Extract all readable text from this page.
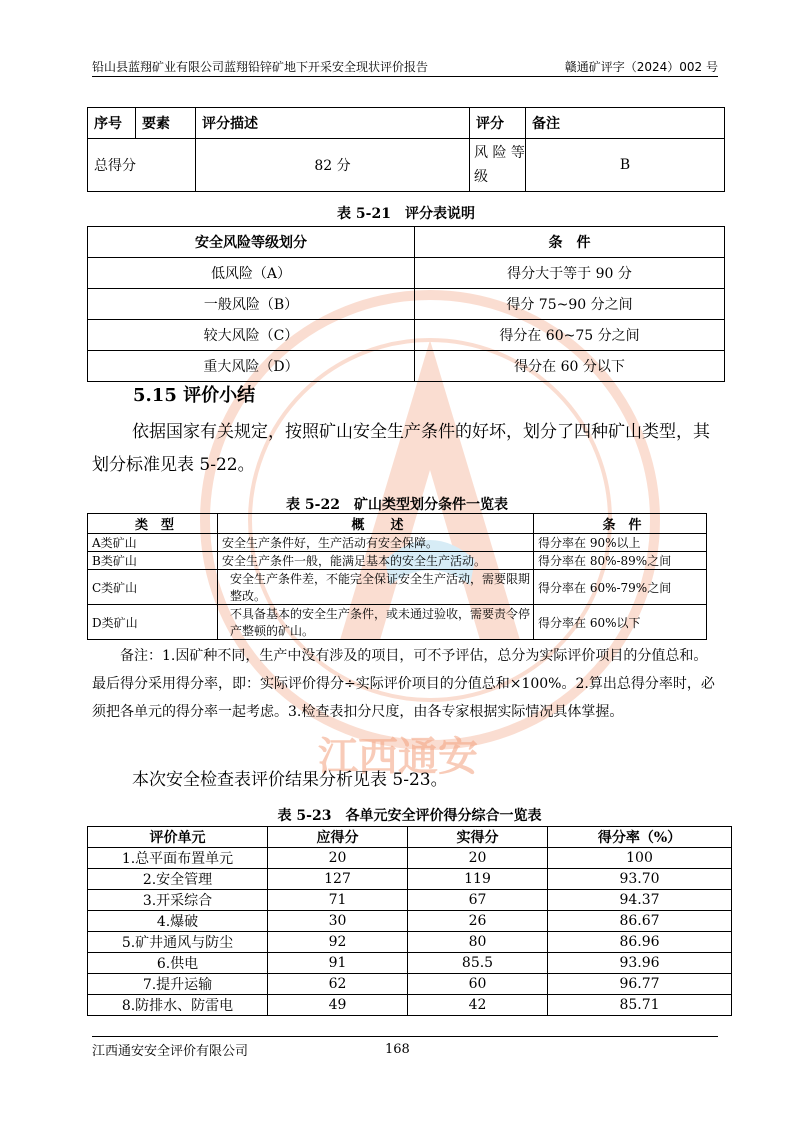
江西通安
铅山县蓝翔矿业有限公司蓝翔铅锌矿地下开采安全现状评价报告	赣通矿评字（2024）002 号
序号	要素	评分描述	评分	备注
总得分		82 分	风 险 等级	B
表 5-21　评分表说明
安全风险等级划分	条　件
低风险（A）	得分大于等于 90 分
一般风险（B）	得分 75~90 分之间
较大风险（C）	得分在 60~75 分之间
重大风险（D）	得分在 60 分以下
5.15 评价小结
依据国家有关规定，按照矿山安全生产条件的好坏，划分了四种矿山类型，其划分标准见表 5-22。
表 5-22　矿山类型划分条件一览表
类　型	概　　述	条　件
A类矿山	安全生产条件好，生产活动有安全保障。	得分率在 90%以上
B类矿山	安全生产条件一般，能满足基本的安全生产活动。	得分率在 80%-89%之间
C类矿山	安全生产条件差，不能完全保证安全生产活动，需要限期整改。	得分率在 60%-79%之间
D类矿山	不具备基本的安全生产条件，或未通过验收，需要责令停产整顿的矿山。	得分率在 60%以下
备注：1.因矿种不同，生产中没有涉及的项目，可不予评估，总分为实际评价项目的分值总和。最后得分采用得分率，即：实际评价得分÷实际评价项目的分值总和×100%。2.算出总得分率时，必须把各单元的得分率一起考虑。3.检查表扣分尺度，由各专家根据实际情况具体掌握。
本次安全检查表评价结果分析见表 5-23。
表 5-23　各单元安全评价得分综合一览表
评价单元	应得分	实得分	得分率（%）
1.总平面布置单元	20	20	100
2.安全管理	127	119	93.70
3.开采综合	71	67	94.37
4.爆破	30	26	86.67
5.矿井通风与防尘	92	80	86.96
6.供电	91	85.5	93.96
7.提升运输	62	60	96.77
8.防排水、防雷电	49	42	85.71
江西通安安全评价有限公司	168
